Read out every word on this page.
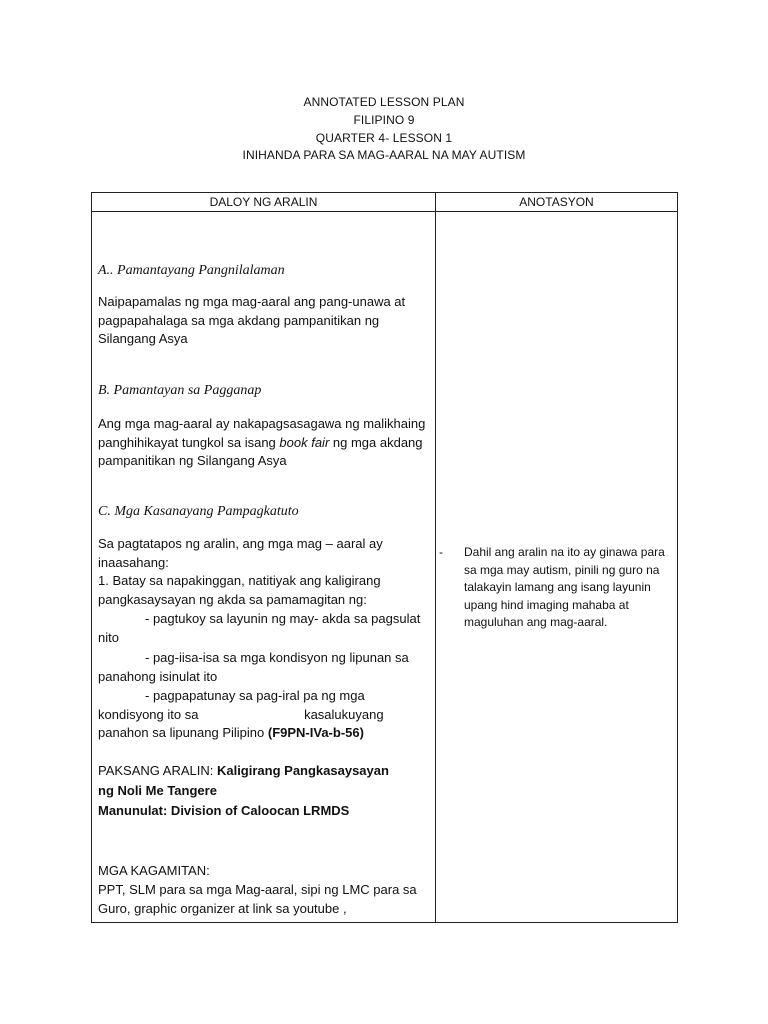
ANNOTATED LESSON PLAN
FILIPINO 9
QUARTER 4- LESSON 1
INIHANDA PARA SA MAG-AARAL NA MAY AUTISM
DALOY NG ARALIN	ANOTASYON
A.. Pamantayang Pangnilalaman
Naipapamalas ng mga mag-aaral ang pang-unawa at pagpapahalaga sa mga akdang pampanitikan ng Silangang Asya
B. Pamantayan sa Pagganap
Ang mga mag-aaral ay nakapagsasagawa ng malikhaing panghihikayat tungkol sa isang book fair ng mga akdang pampanitikan ng Silangang Asya
C. Mga Kasanayang Pampagkatuto
Sa pagtatapos ng aralin, ang mga mag – aaral ay inaasahang:
1. Batay sa napakinggan, natitiyak ang kaligirang pangkasaysayan ng akda sa pamamagitan ng:
- pagtukoy sa layunin ng may- akda sa pagsulat nito
- pag-iisa-isa sa mga kondisyon ng lipunan sa panahong isinulat ito
- pagpapatunay sa pag-iral pa ng mga kondisyong ito sa	kasalukuyang panahon sa lipunang Pilipino (F9PN-IVa-b-56)
PAKSANG ARALIN: Kaligirang Pangkasaysayan
ng Noli Me Tangere
Manunulat: Division of Caloocan LRMDS
MGA KAGAMITAN:
PPT, SLM para sa mga Mag-aaral, sipi ng LMC para sa Guro, graphic organizer at link sa youtube ,
- Dahil ang aralin na ito ay ginawa para sa mga may autism, pinili ng guro na talakayin lamang ang isang layunin upang hind imaging mahaba at maguluhan ang mag-aaral.
